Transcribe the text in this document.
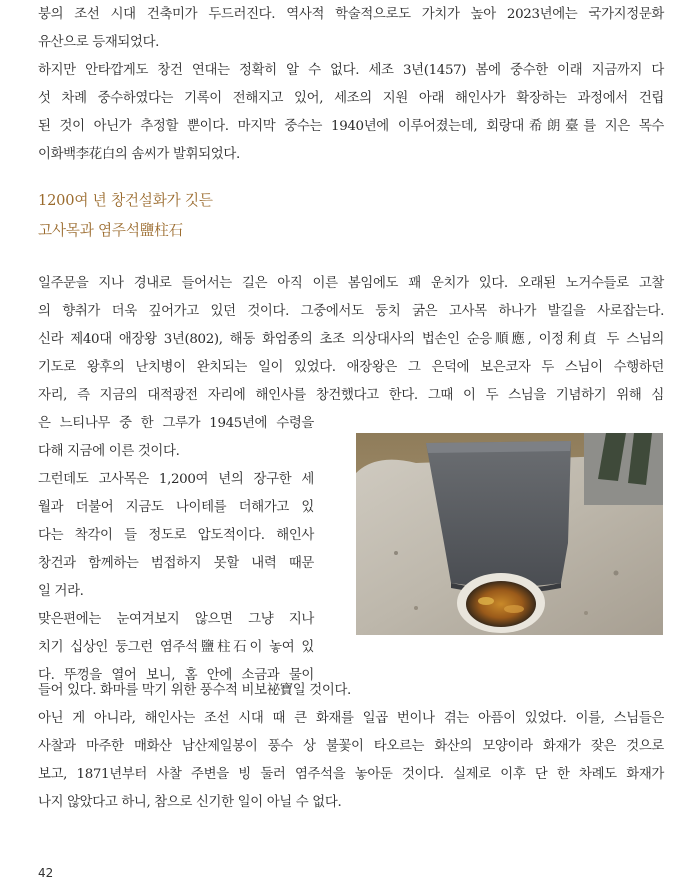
붕의 조선 시대 건축미가 두드러진다. 역사적 학술적으로도 가치가 높아 2023년에는 국가지정문화
유산으로 등재되었다.

하지만 안타깝게도 창건 연대는 정확히 알 수 없다. 세조 3년(1457) 봄에 중수한 이래 지금까지 다
섯 차례 중수하였다는 기록이 전해지고 있어, 세조의 지원 아래 해인사가 확장하는 과정에서 건립
된 것이 아닌가 추정할 뿐이다. 마지막 중수는 1940년에 이루어졌는데, 회랑대希朗臺를 지은 목수
이화백李花白의 솜씨가 발휘되었다.

1200여 년 창건설화가 깃든
고사목과 염주석鹽柱石

일주문을 지나 경내로 들어서는 길은 아직 이른 봄임에도 꽤 운치가 있다. 오래된 노거수들로 고찰
의 향취가 더욱 깊어가고 있던 것이다. 그중에서도 둥치 굵은 고사목 하나가 발길을 사로잡는다.
신라 제40대 애장왕 3년(802), 해동 화엄종의 초조 의상대사의 법손인 순응順應, 이정利貞 두 스님의
기도로 왕후의 난치병이 완치되는 일이 있었다. 애장왕은 그 은덕에 보은코자 두 스님이 수행하던
자리, 즉 지금의 대적광전 자리에 해인사를 창건했다고 한다. 그때 이 두 스님을 기념하기 위해 심

은 느티나무 중 한 그루가 1945년에 수령을
다해 지금에 이른 것이다.
그런데도 고사목은 1,200여 년의 장구한 세
월과 더불어 지금도 나이테를 더해가고 있
다는 착각이 들 정도로 압도적이다. 해인사
창건과 함께하는 범접하지 못할 내력 때문
일 거라.
맞은편에는 눈여겨보지 않으면 그냥 지나
치기 십상인 둥그런 염주석鹽柱石이 놓여 있
다. 뚜껑을 열어 보니, 홈 안에 소금과 물이

들어 있다. 화마를 막기 위한 풍수적 비보祕寶일 것이다.
아닌 게 아니라, 해인사는 조선 시대 때 큰 화재를 일곱 번이나 겪는 아픔이 있었다. 이를, 스님들은
사찰과 마주한 매화산 남산제일봉이 풍수 상 불꽃이 타오르는 화산의 모양이라 화재가 잦은 것으로
보고, 1871년부터 사찰 주변을 빙 둘러 염주석을 놓아둔 것이다. 실제로 이후 단 한 차례도 화재가
나지 않았다고 하니, 참으로 신기한 일이 아닐 수 없다.

42
